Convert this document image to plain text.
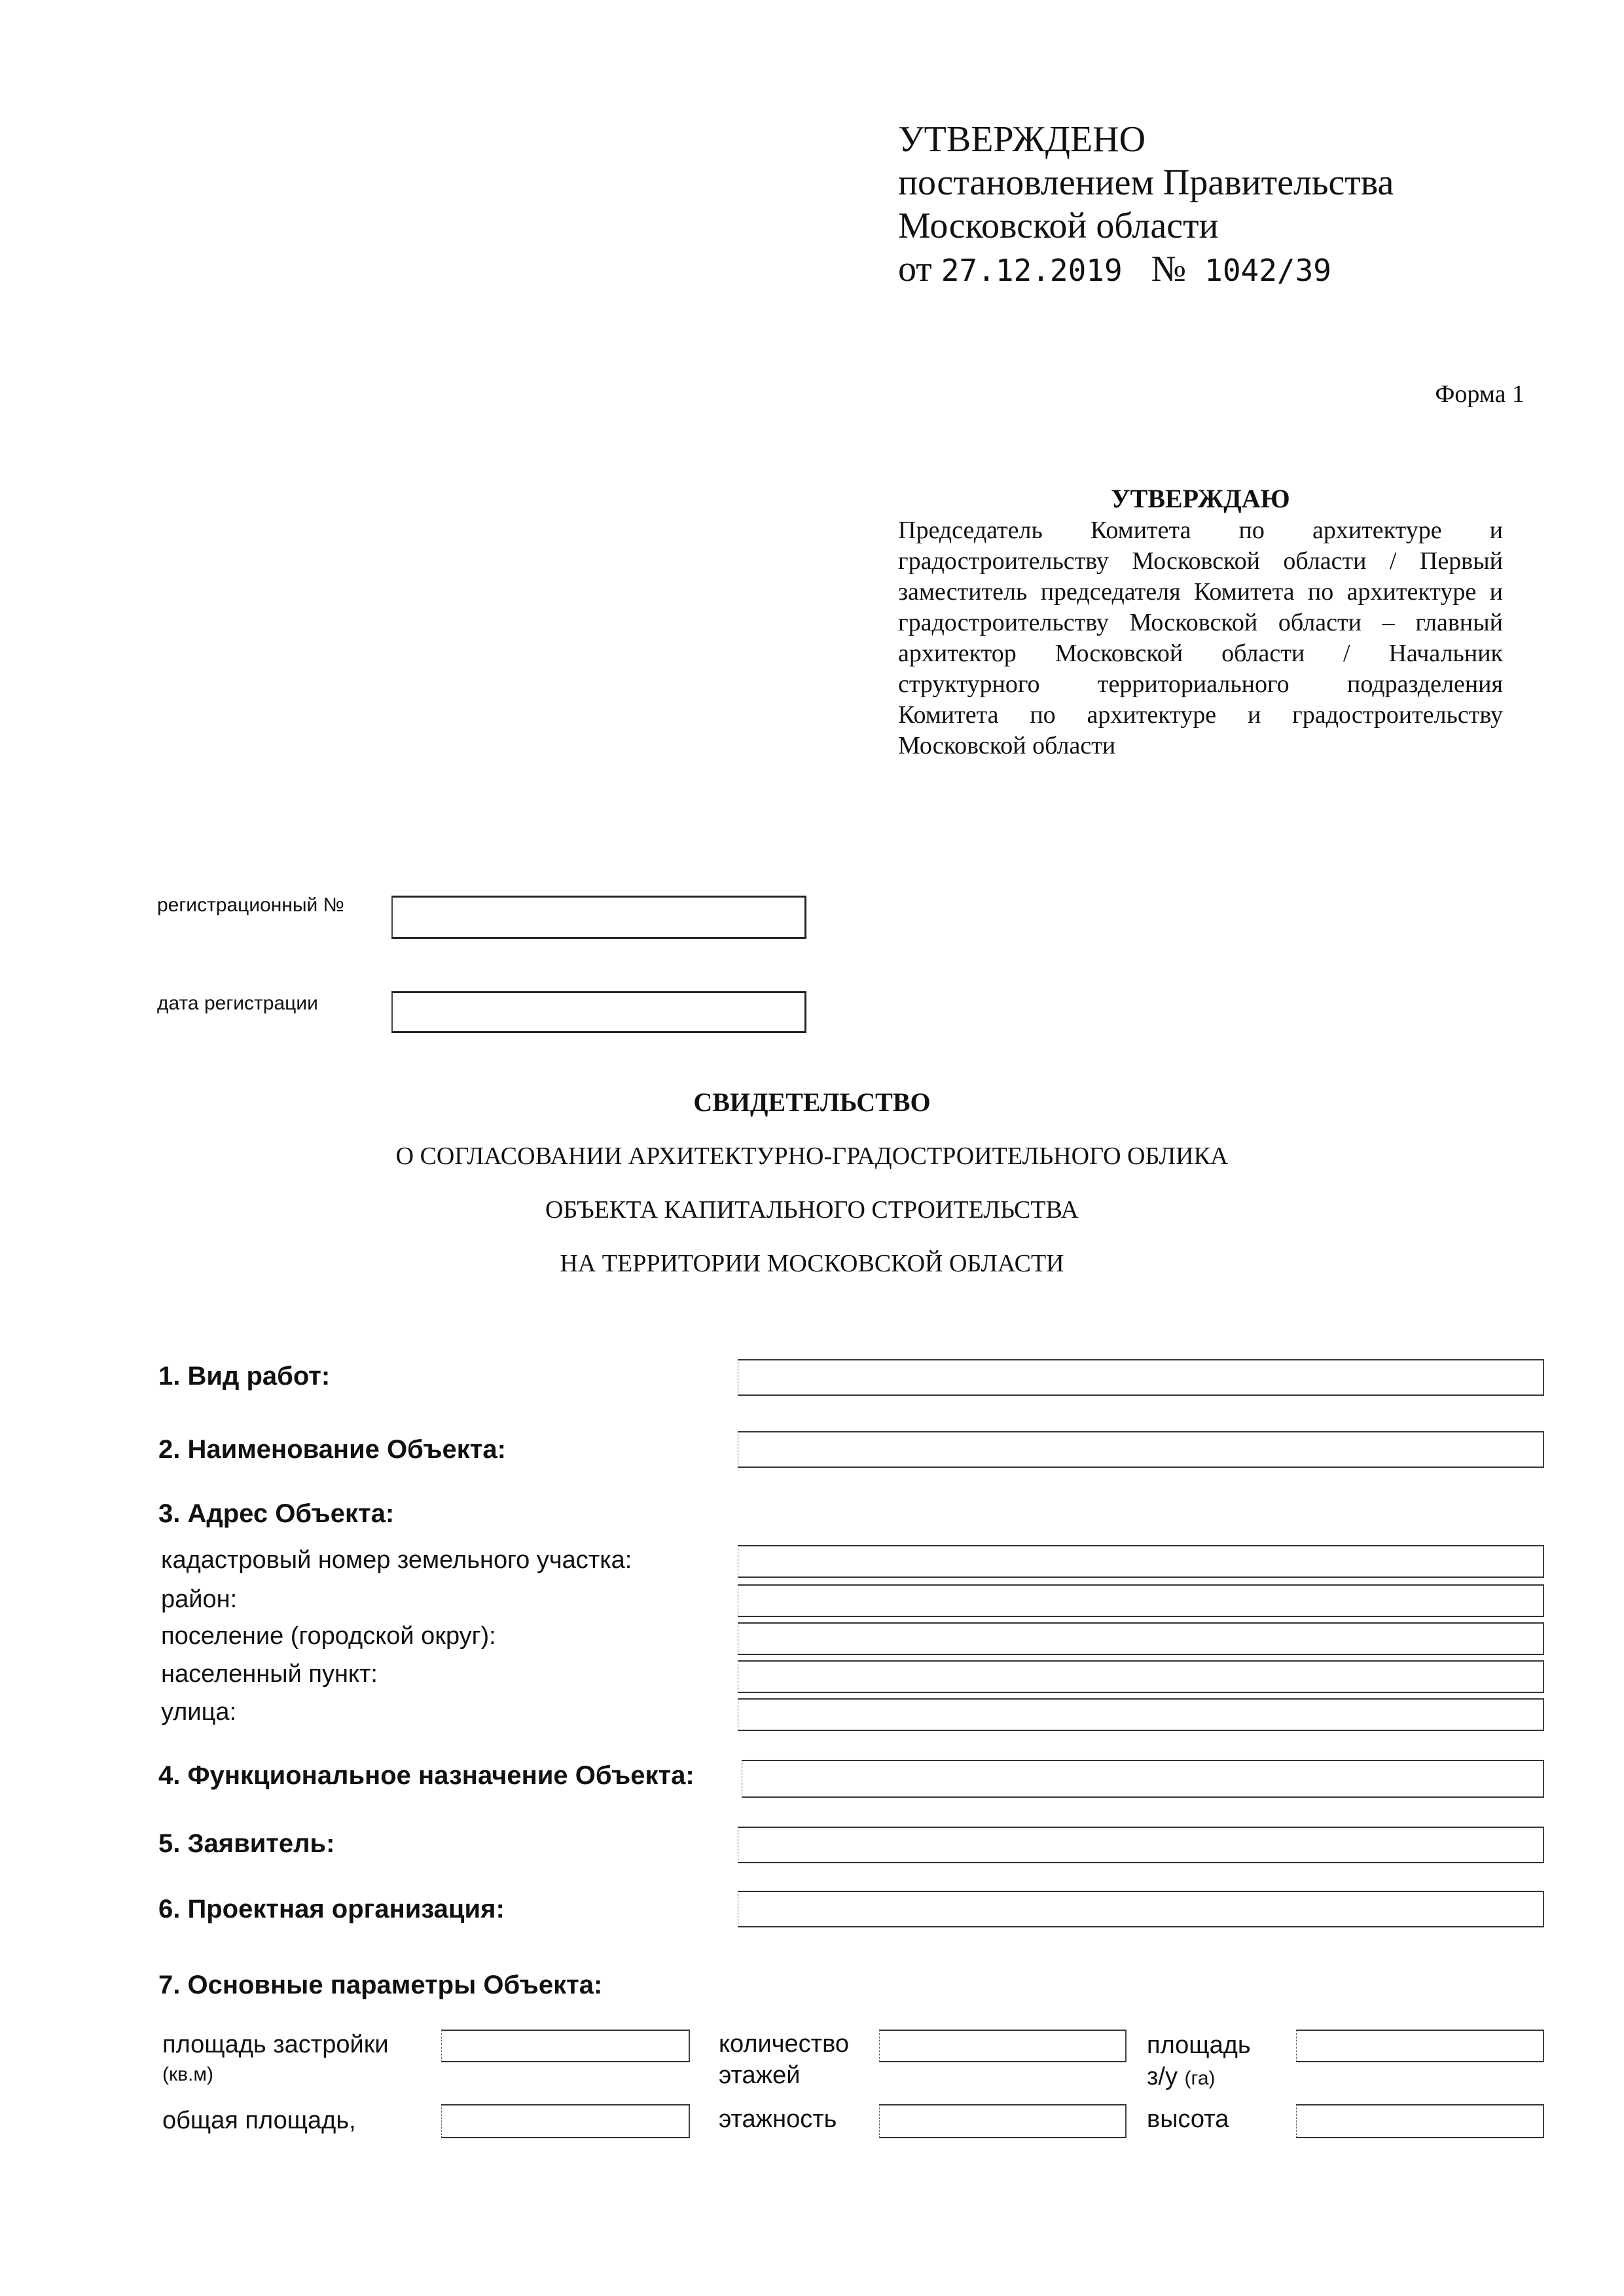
УТВЕРЖДЕНО
постановлением Правительства
Московской области
от 27.12.2019 № 1042/39
Форма 1
УТВЕРЖДАЮ
Председатель Комитета по архитектуре и градостроительству Московской области / Первый заместитель председателя Комитета по архитектуре и градостроительству Московской области – главный архитектор Московской области / Начальник структурного территориального подразделения Комитета по архитектуре и градостроительству Московской области
регистрационный №
дата регистрации
СВИДЕТЕЛЬСТВО
О СОГЛАСОВАНИИ АРХИТЕКТУРНО-ГРАДОСТРОИТЕЛЬНОГО ОБЛИКА
ОБЪЕКТА КАПИТАЛЬНОГО СТРОИТЕЛЬСТВА
НА ТЕРРИТОРИИ МОСКОВСКОЙ ОБЛАСТИ
1. Вид работ:
2. Наименование Объекта:
3. Адрес Объекта:
кадастровый номер земельного участка:
район:
поселение (городской округ):
населенный пункт:
улица:
4. Функциональное назначение Объекта:
5. Заявитель:
6. Проектная организация:
7. Основные параметры Объекта:
площадь застройки
(кв.м)
количество
этажей
площадь
з/у (га)
общая площадь,	этажность	высота
